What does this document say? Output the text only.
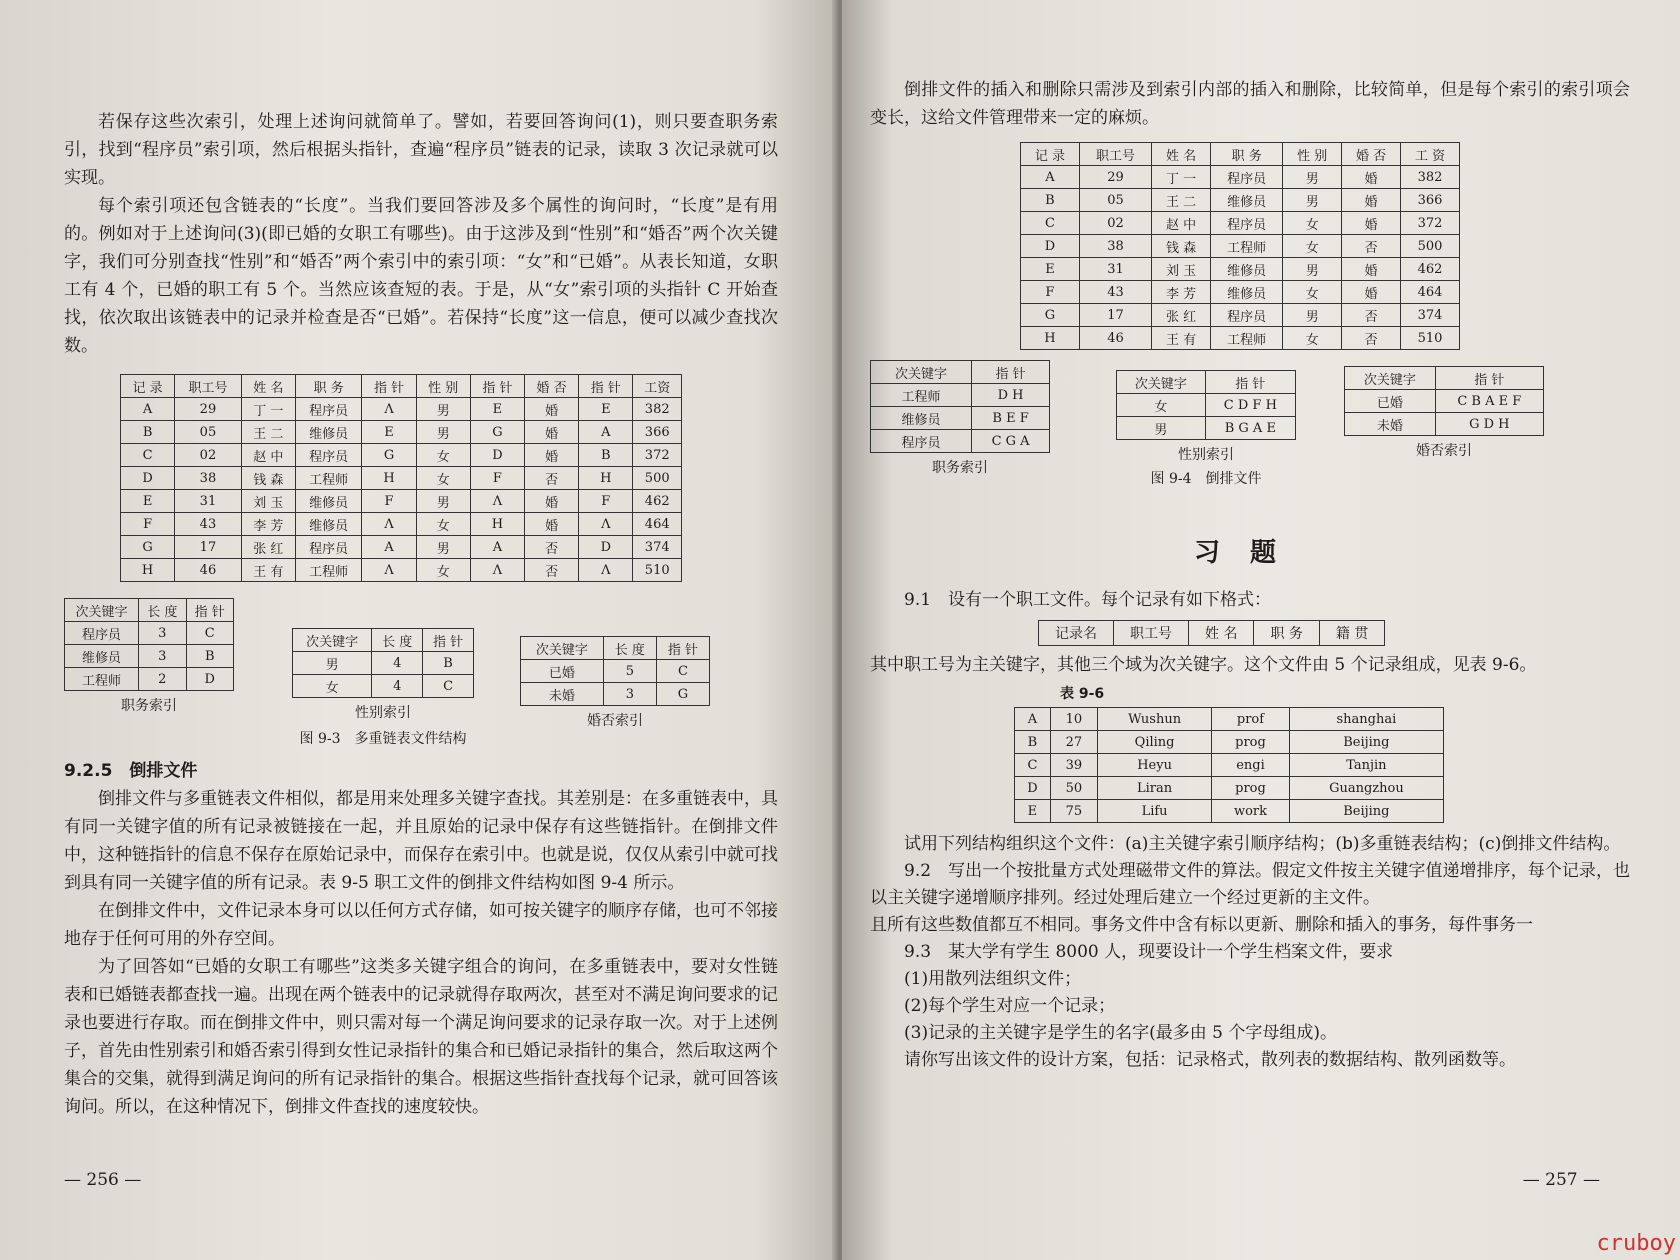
若保存这些次索引，处理上述询问就简单了。譬如，若要回答询问(1)，则只要查职务索引，找到“程序员”索引项，然后根据头指针，查遍“程序员”链表的记录，读取 3 次记录就可以实现。

每个索引项还包含链表的“长度”。当我们要回答涉及多个属性的询问时，“长度”是有用的。例如对于上述询问(3)(即已婚的女职工有哪些)。由于这涉及到“性别”和“婚否”两个次关键字，我们可分别查找“性别”和“婚否”两个索引中的索引项：“女”和“已婚”。从表长知道，女职工有 4 个，已婚的职工有 5 个。当然应该查短的表。于是，从“女”索引项的头指针 C 开始查找，依次取出该链表中的记录并检查是否“已婚”。若保持“长度”这一信息，便可以减少查找次数。

记 录	职工号	姓 名	职 务	指 针	性 别	指 针	婚 否	指 针	工资
A	29	丁 一	程序员	Λ	男	E	婚	E	382
B	05	王 二	维修员	E	男	G	婚	A	366
C	02	赵 中	程序员	G	女	D	婚	B	372
D	38	钱 森	工程师	H	女	F	否	H	500
E	31	刘 玉	维修员	F	男	Λ	婚	F	462
F	43	李 芳	维修员	Λ	女	H	婚	Λ	464
G	17	张 红	程序员	A	男	A	否	D	374
H	46	王 有	工程师	Λ	女	Λ	否	Λ	510
次关键字	长 度	指 针
程序员	3	C
维修员	3	B
工程师	2	D
职务索引
次关键字	长 度	指 针
男	4	B
女	4	C
性别索引
图 9-3　多重链表文件结构
次关键字	长 度	指 针
已婚	5	C
未婚	3	G
婚否索引
9.2.5　倒排文件

倒排文件与多重链表文件相似，都是用来处理多关键字查找。其差别是：在多重链表中，具有同一关键字值的所有记录被链接在一起，并且原始的记录中保存有这些链指针。在倒排文件中，这种链指针的信息不保存在原始记录中，而保存在索引中。也就是说，仅仅从索引中就可找到具有同一关键字值的所有记录。表 9-5 职工文件的倒排文件结构如图 9-4 所示。

在倒排文件中，文件记录本身可以以任何方式存储，如可按关键字的顺序存储，也可不邻接地存于任何可用的外存空间。

为了回答如“已婚的女职工有哪些”这类多关键字组合的询问，在多重链表中，要对女性链表和已婚链表都查找一遍。出现在两个链表中的记录就得存取两次，甚至对不满足询问要求的记录也要进行存取。而在倒排文件中，则只需对每一个满足询问要求的记录存取一次。对于上述例子，首先由性别索引和婚否索引得到女性记录指针的集合和已婚记录指针的集合，然后取这两个集合的交集，就得到满足询问的所有记录指针的集合。根据这些指针查找每个记录，就可回答该询问。所以，在这种情况下，倒排文件查找的速度较快。

— 256 —

倒排文件的插入和删除只需涉及到索引内部的插入和删除，比较简单，但是每个索引的索引项会变长，这给文件管理带来一定的麻烦。

记 录	职工号	姓 名	职 务	性 别	婚 否	工 资
A	29	丁 一	程序员	男	婚	382
B	05	王 二	维修员	男	婚	366
C	02	赵 中	程序员	女	婚	372
D	38	钱 森	工程师	女	否	500
E	31	刘 玉	维修员	男	婚	462
F	43	李 芳	维修员	女	婚	464
G	17	张 红	程序员	男	否	374
H	46	王 有	工程师	女	否	510
次关键字	指 针
工程师	D H
维修员	B E F
程序员	C G A
职务索引
次关键字	指 针
女	C D F H
男	B G A E
性别索引
图 9-4　倒排文件
次关键字	指 针
已婚	C B A E F
未婚	G D H
婚否索引
习题

9.1　设有一个职工文件。每个记录有如下格式：

记录名	职工号	姓 名	职 务	籍 贯

其中职工号为主关键字，其他三个域为次关键字。这个文件由 5 个记录组成，见表 9-6。

表 9-6
A	10	Wushun	prof	shanghai
B	27	Qiling	prog	Beijing
C	39	Heyu	engi	Tanjin
D	50	Liran	prog	Guangzhou
E	75	Lifu	work	Beijing

试用下列结构组织这个文件：(a)主关键字索引顺序结构；(b)多重链表结构；(c)倒排文件结构。

9.2　写出一个按批量方式处理磁带文件的算法。假定文件按主关键字值递增排序，每个记录，也以主关键字递增顺序排列。经过处理后建立一个经过更新的主文件。

且所有这些数值都互不相同。事务文件中含有标以更新、删除和插入的事务，每件事务一

9.3　某大学有学生 8000 人，现要设计一个学生档案文件，要求

(1)用散列法组织文件；

(2)每个学生对应一个记录；

(3)记录的主关键字是学生的名字(最多由 5 个字母组成)。

请你写出该文件的设计方案，包括：记录格式，散列表的数据结构、散列函数等。

— 257 —
cruboy
